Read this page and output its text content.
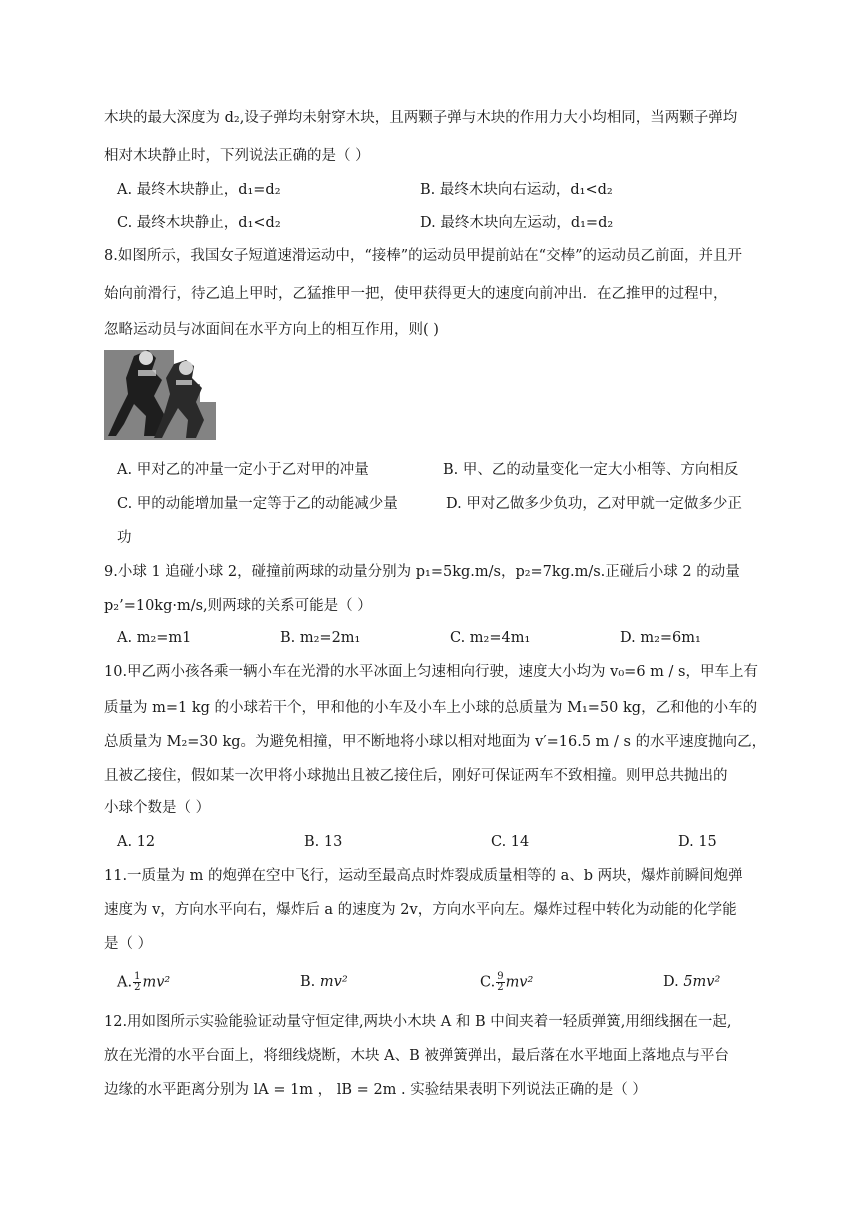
木块的最大深度为 d₂,设子弹均未射穿木块，且两颗子弹与木块的作用力大小均相同，当两颗子弹均
相对木块静止时，下列说法正确的是（ ）
A. 最终木块静止，d₁=d₂	B. 最终木块向右运动，d₁<d₂
C. 最终木块静止，d₁<d₂	D. 最终木块向左运动，d₁=d₂
8.如图所示，我国女子短道速滑运动中，“接棒”的运动员甲提前站在“交棒”的运动员乙前面，并且开
始向前滑行，待乙追上甲时，乙猛推甲一把，使甲获得更大的速度向前冲出．在乙推甲的过程中，
忽略运动员与冰面间在水平方向上的相互作用，则( )
A. 甲对乙的冲量一定小于乙对甲的冲量	B. 甲、乙的动量变化一定大小相等、方向相反
C. 甲的动能增加量一定等于乙的动能减少量	D. 甲对乙做多少负功，乙对甲就一定做多少正
功
9.小球 1 追碰小球 2，碰撞前两球的动量分别为 p₁=5kg.m/s，p₂=7kg.m/s.正碰后小球 2 的动量
p₂’=10kg·m/s,则两球的关系可能是（ ）
A. m₂=m1	B. m₂=2m₁	C. m₂=4m₁	D. m₂=6m₁
10.甲乙两小孩各乘一辆小车在光滑的水平冰面上匀速相向行驶，速度大小均为 v₀=6 m / s，甲车上有
质量为 m=1 kg 的小球若干个，甲和他的小车及小车上小球的总质量为 M₁=50 kg，乙和他的小车的
总质量为 M₂=30 kg。为避免相撞，甲不断地将小球以相对地面为 v′=16.5 m / s 的水平速度抛向乙，
且被乙接住，假如某一次甲将小球抛出且被乙接住后，刚好可保证两车不致相撞。则甲总共抛出的
小球个数是（ ）
A. 12	B. 13	C. 14	D. 15
11.一质量为 m 的炮弹在空中飞行，运动至最高点时炸裂成质量相等的 a、b 两块，爆炸前瞬间炮弹
速度为 v，方向水平向右，爆炸后 a 的速度为 2v，方向水平向左。爆炸过程中转化为动能的化学能
是（ ）
A. $\frac{1}{2} mv^2$	B. mv²	C. $\frac{9}{2} mv^2$	D. 5mv²
12.用如图所示实验能验证动量守恒定律,两块小木块 A 和 B 中间夹着一轻质弹簧,用细线捆在一起,
放在光滑的水平台面上，将细线烧断，木块 A、B 被弹簧弹出，最后落在水平地面上落地点与平台
边缘的水平距离分别为 lA = 1m ， lB = 2m . 实验结果表明下列说法正确的是（ ）
